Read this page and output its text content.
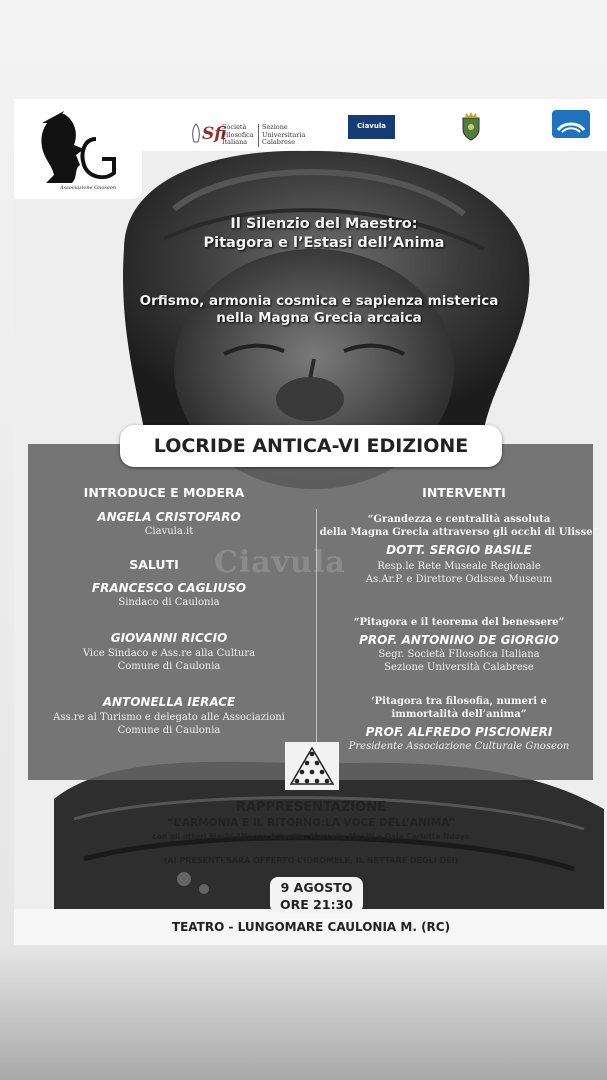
Associazione Gnoseon
Sfi
Società Filosofica Italiana
Sezione Universitaria Calabrese
Ciavula
Il Silenzio del Maestro:
Pitagora e l’Estasi dell’Anima
Orfismo, armonia cosmica e sapienza misterica
nella Magna Grecia arcaica
Ciavula
LOCRIDE ANTICA-VI EDIZIONE
INTRODUCE E MODERA
ANGELA CRISTOFARO
Ciavula.it
SALUTI
FRANCESCO CAGLIUSO
Sindaco di Caulonia
GIOVANNI RICCIO
Vice Sindaco e Ass.re alla Cultura
Comune di Caulonia
ANTONELLA IERACE
Ass.re al Turismo e delegato alle Associazioni
Comune di Caulonia
INTERVENTI
“Grandezza e centralità assoluta
della Magna Grecia attraverso gli occhi di Ulisse”
DOTT. SERGIO BASILE
Resp.le Rete Museale Regionale
As.Ar.P. e Direttore Odissea Museum
“Pitagora e il teorema del benessere”
PROF. ANTONINO DE GIORGIO
Segr. Società FIlosofica Italiana
Sezione Università Calabrese
‘Pitagora tra filosofia, numeri e
immortalità dell’anima”
PROF. ALFREDO PISCIONERI
Presidente Associazione Culturale Gnoseon
RAPPRESENTAZIONE
“L’ARMONIA E IL RITORNO:LA VOCE DELL’ANIMA”
con gli attori Mario Alfonso Altavilla, Marcella Mesiti e Gaia Carlotta Ndoye
(AI PRESENTI SARÀ OFFERTO L’IDROMELE, IL NETTARE DEGLI DÈI)
9 AGOSTO
ORE 21:30
TEATRO - LUNGOMARE CAULONIA M. (RC)
